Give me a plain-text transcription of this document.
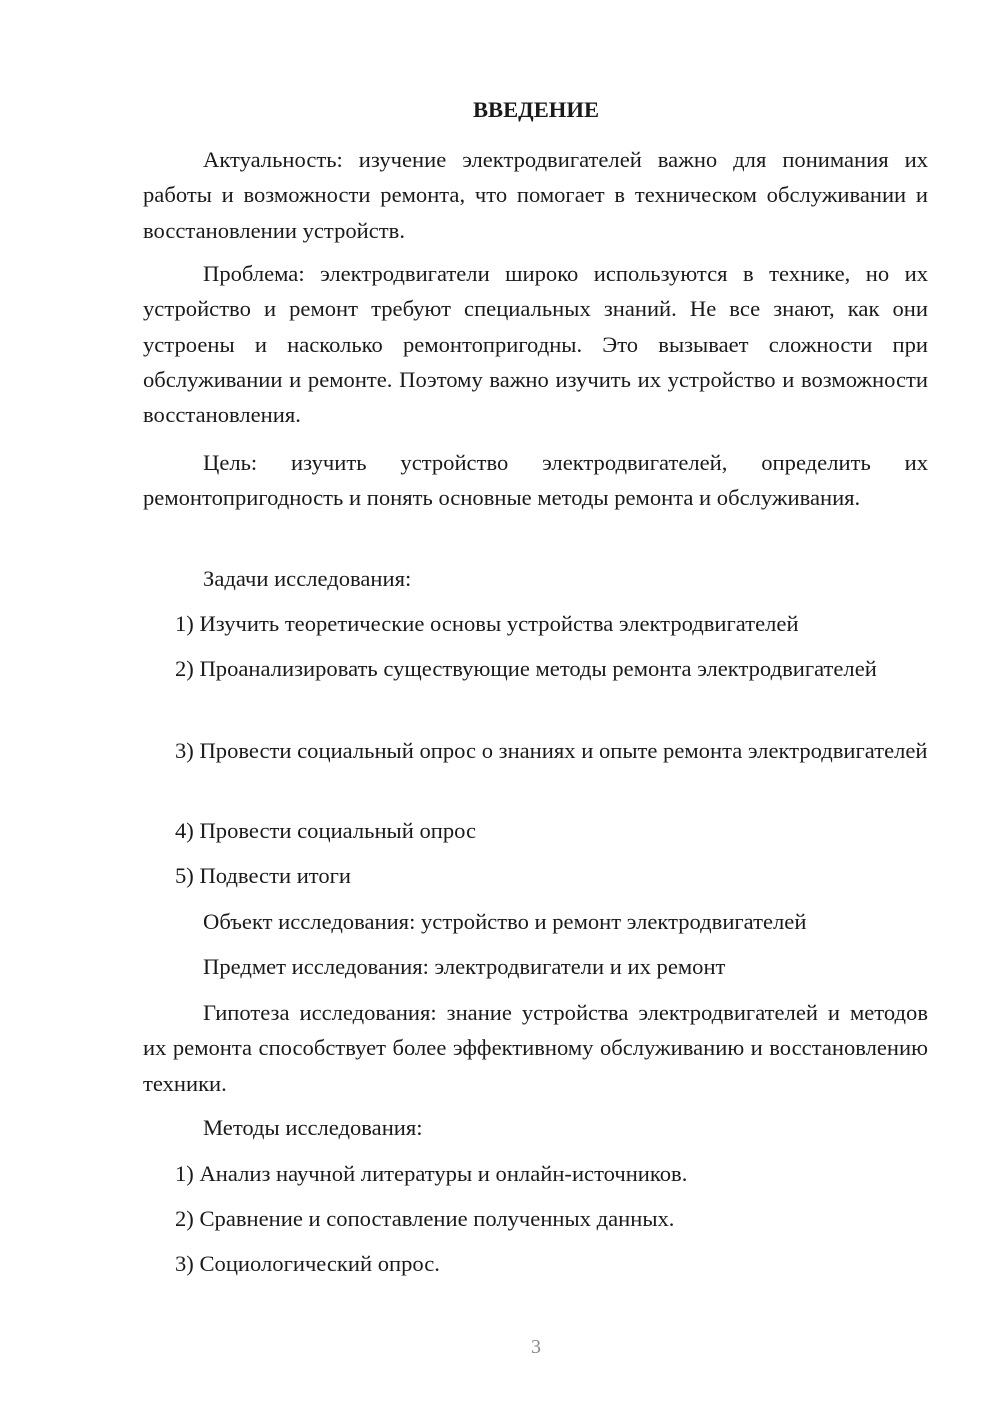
ВВЕДЕНИЕ

Актуальность: изучение электродвигателей важно для понимания их работы и возможности ремонта, что помогает в техническом обслуживании и восстановлении устройств.

Проблема: электродвигатели широко используются в технике, но их устройство и ремонт требуют специальных знаний. Не все знают, как они устроены и насколько ремонтопригодны. Это вызывает сложности при обслуживании и ремонте. Поэтому важно изучить их устройство и возможности восстановления.

Цель: изучить устройство электродвигателей, определить их ремонтопригодность и понять основные методы ремонта и обслуживания.

Задачи исследования:

1) Изучить теоретические основы устройства электродвигателей

2) Проанализировать существующие методы ремонта электродвигателей

3) Провести социальный опрос о знаниях и опыте ремонта электродвигателей

4) Провести социальный опрос

5) Подвести итоги

Объект исследования: устройство и ремонт электродвигателей

Предмет исследования: электродвигатели и их ремонт

Гипотеза исследования: знание устройства электродвигателей и методов их ремонта способствует более эффективному обслуживанию и восстановлению техники.

Методы исследования:

1) Анализ научной литературы и онлайн-источников.

2) Сравнение и сопоставление полученных данных.

3) Социологический опрос.

3
